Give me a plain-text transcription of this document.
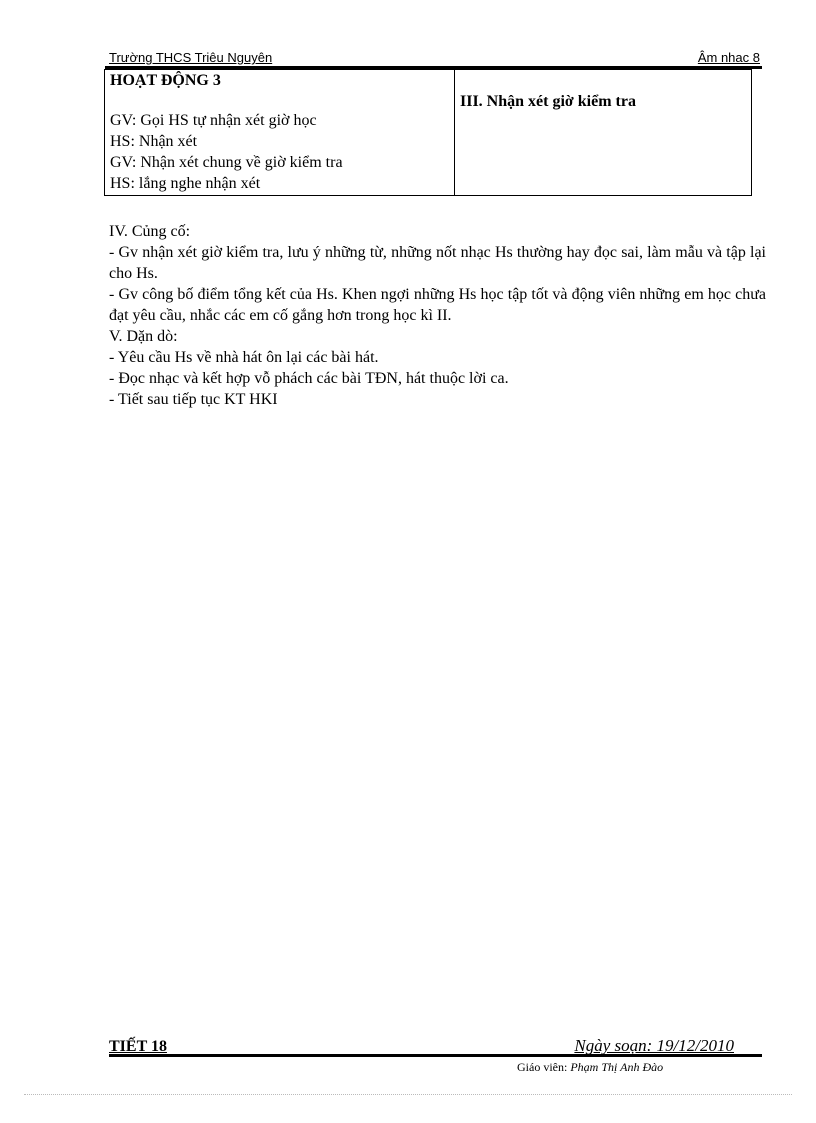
Trường THCS Triêu Nguyên	Âm nhac 8
HOẠT ĐỘNG 3
GV: Gọi HS tự nhận xét giờ học
HS: Nhận xét
GV: Nhận xét chung về giờ kiểm tra
HS: lắng nghe nhận xét

III. Nhận xét giờ kiểm tra
IV. Củng cố:
- Gv nhận xét giờ kiểm tra, lưu ý những từ, những nốt nhạc Hs thường hay đọc sai, làm mẫu và tập lại cho Hs.
- Gv công bố điểm tổng kết của Hs. Khen ngợi những Hs học tập tốt và động viên những em học chưa đạt yêu cầu, nhắc các em cố gắng hơn trong học kì II.
V. Dặn dò:
- Yêu cầu Hs về nhà hát ôn lại các bài hát.
- Đọc nhạc và kết hợp vỗ phách các bài TĐN, hát thuộc lời ca.
- Tiết sau tiếp tục KT HKI
TIẾT 18	Ngày soạn: 19/12/2010
Giáo viên: Phạm Thị Anh Đào
